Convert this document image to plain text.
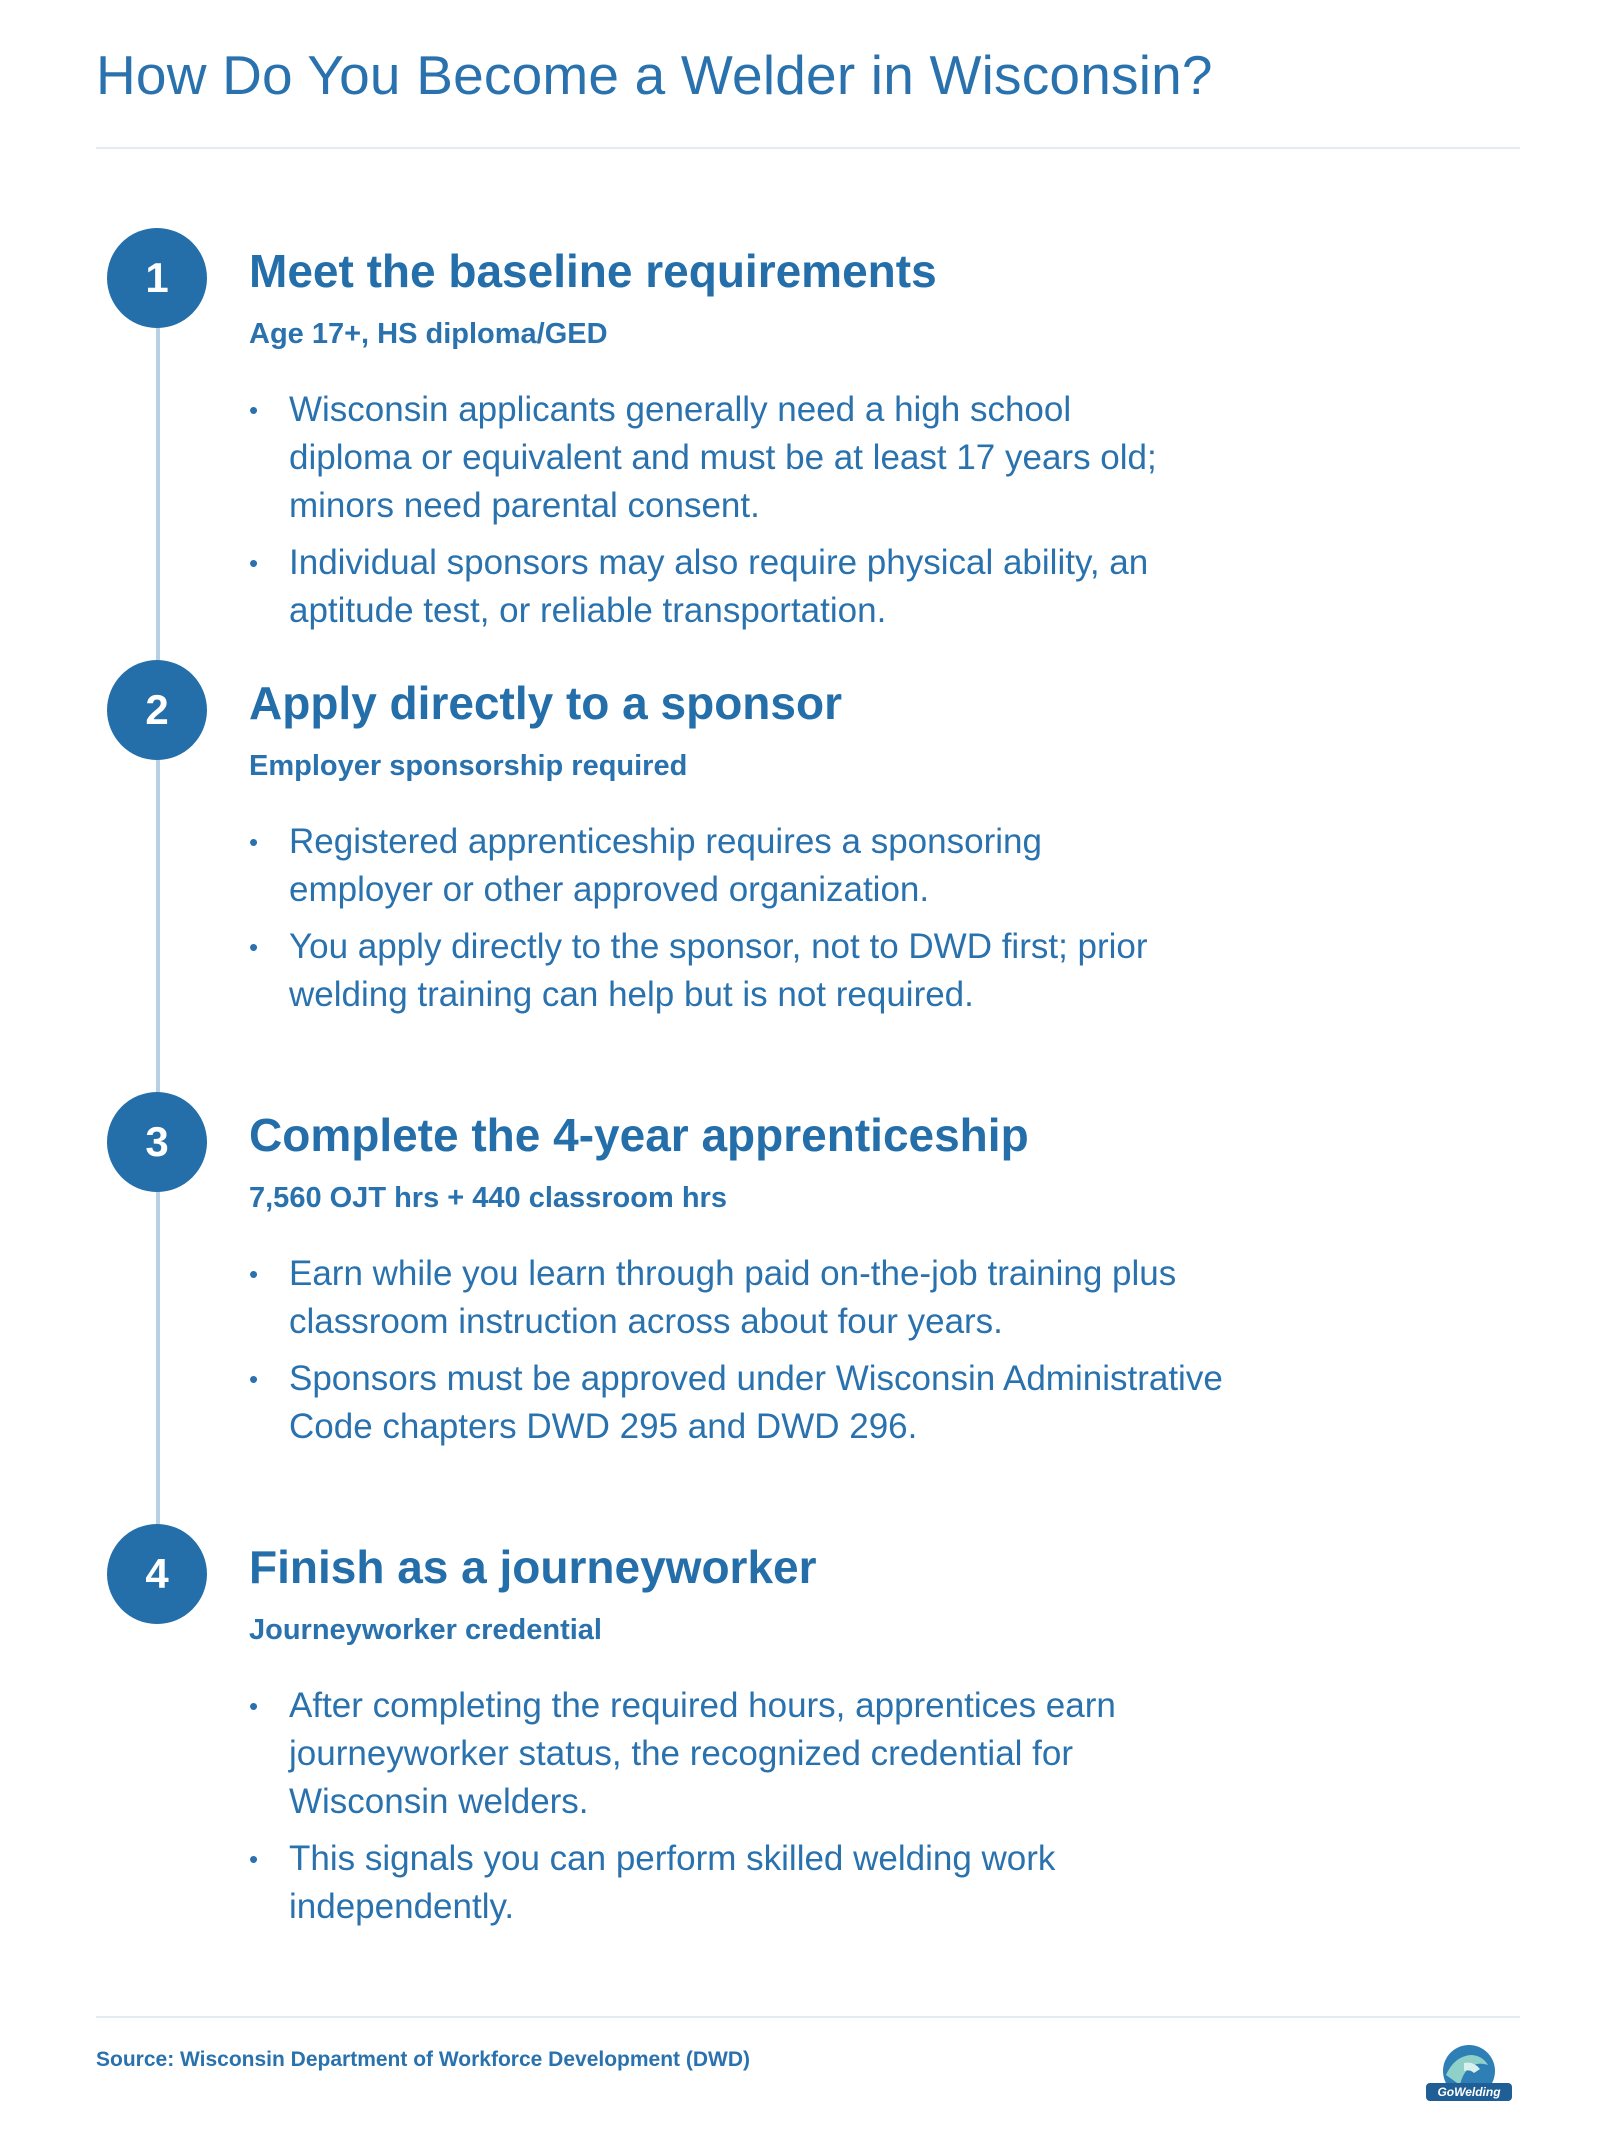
How Do You Become a Welder in Wisconsin?
1	Meet the baseline requirements

Age 17+, HS diploma/GED

• Wisconsin applicants generally need a high school diploma or equivalent and must be at least 17 years old; minors need parental consent.
• Individual sponsors may also require physical ability, an aptitude test, or reliable transportation.
2	Apply directly to a sponsor

Employer sponsorship required

• Registered apprenticeship requires a sponsoring employer or other approved organization.
• You apply directly to the sponsor, not to DWD first; prior welding training can help but is not required.
3	Complete the 4-year apprenticeship

7,560 OJT hrs + 440 classroom hrs

• Earn while you learn through paid on-the-job training plus classroom instruction across about four years.
• Sponsors must be approved under Wisconsin Administrative Code chapters DWD 295 and DWD 296.
4	Finish as a journeyworker

Journeyworker credential

• After completing the required hours, apprentices earn journeyworker status, the recognized credential for Wisconsin welders.
• This signals you can perform skilled welding work independently.
Source: Wisconsin Department of Workforce Development (DWD)
GoWelding
